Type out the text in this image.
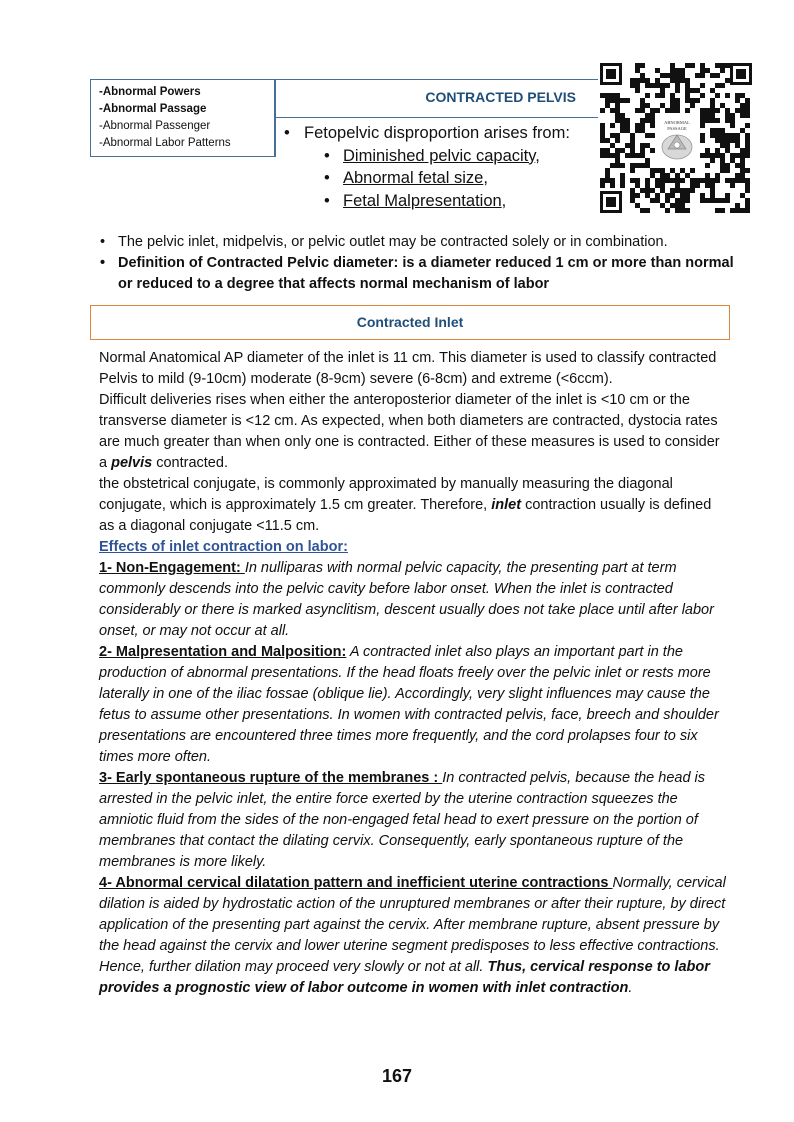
-Abnormal Powers
-Abnormal Passage
-Abnormal Passenger
-Abnormal Labor Patterns
CONTRACTED PELVIS
• Fetopelvic disproportion arises from:
• Diminished pelvic capacity,
• Abnormal fetal size,
• Fetal Malpresentation,
ABNORMAL
PASSAGE
• The pelvic inlet, midpelvis, or pelvic outlet may be contracted solely or in combination.
• Definition of Contracted Pelvic diameter: is a diameter reduced 1 cm or more than normal or reduced to a degree that affects normal mechanism of labor
Contracted Inlet

Normal Anatomical AP diameter of the inlet is 11 cm. This diameter is used to classify contracted Pelvis to mild (9-10cm) moderate (8-9cm) severe (6-8cm) and extreme (<6ccm).

Difficult deliveries rises when either the anteroposterior diameter of the inlet is <10 cm or the transverse diameter is <12 cm. As expected, when both diameters are contracted, dystocia rates are much greater than when only one is contracted. Either of these measures is used to consider a pelvis contracted.

the obstetrical conjugate, is commonly approximated by manually measuring the diagonal conjugate, which is approximately 1.5 cm greater. Therefore, inlet contraction usually is defined as a diagonal conjugate <11.5 cm.

Effects of inlet contraction on labor:

1- Non-Engagement: In nulliparas with normal pelvic capacity, the presenting part at term commonly descends into the pelvic cavity before labor onset. When the inlet is contracted considerably or there is marked asynclitism, descent usually does not take place until after labor onset, or may not occur at all.

2- Malpresentation and Malposition: A contracted inlet also plays an important part in the production of abnormal presentations. If the head floats freely over the pelvic inlet or rests more laterally in one of the iliac fossae (oblique lie). Accordingly, very slight influences may cause the fetus to assume other presentations. In women with contracted pelvis, face, breech and shoulder presentations are encountered three times more frequently, and the cord prolapses four to six times more often.

3- Early spontaneous rupture of the membranes : In contracted pelvis, because the head is arrested in the pelvic inlet, the entire force exerted by the uterine contraction squeezes the amniotic fluid from the sides of the non-engaged fetal head to exert pressure on the portion of membranes that contact the dilating cervix. Consequently, early spontaneous rupture of the membranes is more likely.

4- Abnormal cervical dilatation pattern and inefficient uterine contractions Normally, cervical dilation is aided by hydrostatic action of the unruptured membranes or after their rupture, by direct application of the presenting part against the cervix. After membrane rupture, absent pressure by the head against the cervix and lower uterine segment predisposes to less effective contractions. Hence, further dilation may proceed very slowly or not at all. Thus, cervical response to labor provides a prognostic view of labor outcome in women with inlet contraction.

167
